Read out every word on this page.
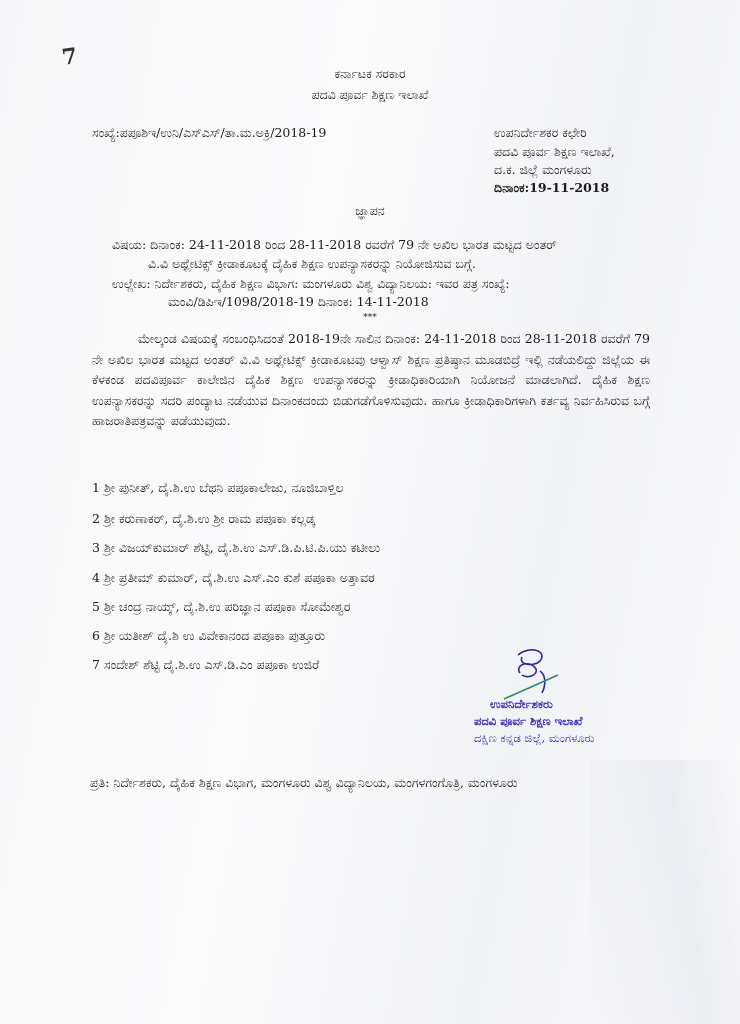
7
ಕರ್ನಾಟಕ ಸರಕಾರ
ಪದವಿ ಪೂರ್ವ ಶಿಕ್ಷಣ ಇಲಾಖೆ
ಸಂಖ್ಯೆ:ಪಪೂಶಿಇ/ಉನಿ/ಎಸ್ಎಸ್/ತಾ.ಮ.ಅಕ್ರಿ/2018-19	ಉಪನಿರ್ದೇಶಕರ ಕಛೇರಿ
ಪದವಿ ಪೂರ್ವ ಶಿಕ್ಷಣ ಇಲಾಖೆ,
ದ.ಕ. ಜಿಲ್ಲೆ ಮಂಗಳೂರು
ದಿನಾಂಕ:19-11-2018
ಜ್ಞಾಪನ
ವಿಷಯ: ದಿನಾಂಕ: 24-11-2018 ರಿಂದ 28-11-2018 ರವರೆಗೆ 79 ನೇ ಅಖಿಲ ಭಾರತ ಮಟ್ಟದ ಅಂತರ್
ವಿ.ವಿ ಅಥ್ಲೇಟಿಕ್ಸ್ ಕ್ರೀಡಾಕೂಟಕ್ಕೆ ದೈಹಿಕ ಶಿಕ್ಷಣ ಉಪನ್ಯಾಸಕರನ್ನು ನಿಯೋಜಿಸುವ ಬಗ್ಗೆ.
ಉಲ್ಲೇಖ: ನಿರ್ದೇಶಕರು, ದೈಹಿಕ ಶಿಕ್ಷಣ ವಿಭಾಗ: ಮಂಗಳೂರು ವಿಶ್ವ ವಿದ್ಯಾನಿಲಯ: ಇವರ ಪತ್ರ ಸಂಖ್ಯೆ:
ಮಂವಿ/ಡಿಪಿಇ/1098/2018-19 ದಿನಾಂಕ: 14-11-2018
***
ಮೇಲ್ಕಂಡ ವಿಷಯಕ್ಕೆ ಸಂಬಂಧಿಸಿದಂತೆ 2018-19ನೇ ಸಾಲಿನ ದಿನಾಂಕ: 24-11-2018 ರಿಂದ 28-11-2018 ರವರೆಗೆ 79 ನೇ ಅಖಿಲ ಭಾರತ ಮಟ್ಟದ ಅಂತರ್ ವಿ.ವಿ ಅಥ್ಲೇಟಿಕ್ಸ್ ಕ್ರೀಡಾಕೂಟವು ಆಳ್ವಾಸ್ ಶಿಕ್ಷಣ ಪ್ರತಿಷ್ಠಾನ ಮೂಡಬಿದ್ರೆ ಇಲ್ಲಿ ನಡೆಯಲಿದ್ದು ಜಿಲ್ಲೆಯ ಈ ಕೆಳಕಂಡ ಪದವಿಪೂರ್ವ ಕಾಲೇಜಿನ ದೈಹಿಕ ಶಿಕ್ಷಣ ಉಪನ್ಯಾಸಕರನ್ನು ಕ್ರೀಡಾಧಿಕಾರಿಯಾಗಿ ನಿಯೋಜನೆ ಮಾಡಲಾಗಿದೆ. ದೈಹಿಕ ಶಿಕ್ಷಣ ಉಪನ್ಯಾಸಕರನ್ನು ಸದರಿ ಪಂದ್ಯಾಟ ನಡೆಯುವ ದಿನಾಂಕದಂದು ಬಿಡುಗಡೆಗೊಳಿಸುವುದು. ಹಾಗೂ ಕ್ರೀಡಾಧಿಕಾರಿಗಳಾಗಿ ಕರ್ತವ್ಯ ನಿರ್ವಹಿಸಿರುವ ಬಗ್ಗೆ ಹಾಜರಾತಿಪತ್ರವನ್ನು ಪಡೆಯುವುದು.
1 ಶ್ರೀ ಪುನೀತ್, ದೈ.ಶಿ.ಉ ಬೆಥನಿ ಪಪೂಕಾಲೇಜು, ನೂಜಿಬಾಳ್ತಿಲ
2 ಶ್ರೀ ಕರುಣಾಕರ್, ದೈ.ಶಿ.ಉ ಶ್ರೀ ರಾಮ ಪಪೂಕಾ ಕಲ್ಲಡ್ಕ
3 ಶ್ರೀ ವಿಜಯ್‌ಕುಮಾರ್ ಶೆಟ್ಟಿ, ದೈ.ಶಿ.ಉ ಎಸ್.ಡಿ.ಪಿ.ಟಿ.ಪಿ.ಯು ಕಟೀಲು
4 ಶ್ರೀ ಪ್ರತೀಮ್ ಕುಮಾರ್, ದೈ.ಶಿ.ಉ ಎಸ್.ಎಂ ಕುಶೆ ಪಪೂಕಾ ಅತ್ತಾವರ
5 ಶ್ರೀ ಚಂದ್ರ ನಾಯ್ಕ್, ದೈ.ಶಿ.ಉ ಪರಿಜ್ಞಾನ ಪಪೂಕಾ ಸೋಮೇಶ್ವರ
6 ಶ್ರೀ ಯತೀಶ್ ದೈ.ಶಿ ಉ ವಿವೇಕಾನಂದ ಪಪೂಕಾ ಪುತ್ತೂರು
7 ಸಂದೇಶ್ ಶೆಟ್ಟಿ ದೈ.ಶಿ.ಉ ಎಸ್.ಡಿ.ಎಂ ಪಪೂಕಾ ಉಜಿರೆ
ಉಪನಿರ್ದೇಶಕರು
ಪದವಿ ಪೂರ್ವ ಶಿಕ್ಷಣ ಇಲಾಖೆ
ದಕ್ಷಿಣ ಕನ್ನಡ ಜಿಲ್ಲೆ, ಮಂಗಳೂರು
ಪ್ರತಿ: ನಿರ್ದೇಶಕರು, ದೈಹಿಕ ಶಿಕ್ಷಣ ವಿಭಾಗ, ಮಂಗಳೂರು ವಿಶ್ವ ವಿದ್ಯಾನಿಲಯ, ಮಂಗಳಗಂಗೊತ್ರಿ, ಮಂಗಳೂರು
